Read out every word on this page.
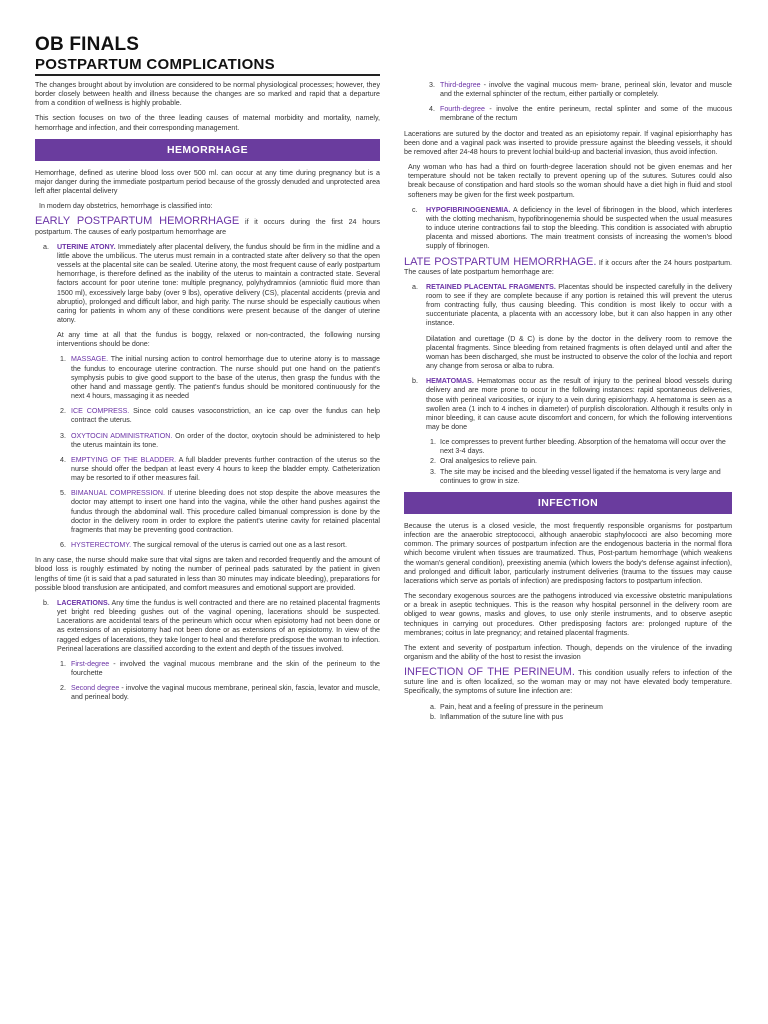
OB FINALS
POSTPARTUM COMPLICATIONS

The changes brought about by involution are considered to be normal physiological processes; however, they border closely between health and illness because the changes are so marked and rapid that a departure from a condition of wellness is highly probable.

This section focuses on two of the three leading causes of maternal morbidity and mortality, namely, hemorrhage and infection, and their corresponding management.

HEMORRHAGE

Hemorrhage, defined as uterine blood loss over 500 ml. can occur at any time during pregnancy but is a major danger during the immediate postpartum period because of the grossly denuded and unprotected area left after placental delivery

In modern day obstetrics, hemorrhage is classified into:

EARLY POSTPARTUM HEMORRHAGE if it occurs during the first 24 hours postpartum. The causes of early postpartum hemorrhage are

a. UTERINE ATONY. Immediately after placental delivery, the fundus should be firm in the midline and a little above the umbilicus. The uterus must remain in a contracted state after delivery so that the open vessels at the placental site can be sealed. Uterine atony, the most frequent cause of early postpartum hemorrhage, is therefore defined as the inability of the uterus to maintain a contracted state. Several factors account for poor uterine tone: multiple pregnancy, polyhydramnios (amniotic fluid more than 1500 ml), excessively large baby (over 9 lbs), operative delivery (CS), placental accidents (previa and abruptio), prolonged and difficult labor, and high parity. The nurse should be especially cautious when caring for patients in whom any of these conditions were present because of the danger of uterine atony.
At any time at all that the fundus is boggy, relaxed or non-contracted, the following nursing interventions should be done:
1. MASSAGE. The initial nursing action to control hemorrhage due to uterine atony is to massage the fundus to encourage uterine contraction. The nurse should put one hand on the patient's symphysis pubis to give good support to the base of the uterus, then grasp the fundus with the other hand and massage gently. The patient's fundus should be monitored continuously for the next 4 hours, massaging it as needed
2. ICE COMPRESS. Since cold causes vasoconstriction, an ice cap over the fundus can help contract the uterus.
3. OXYTOCIN ADMINISTRATION. On order of the doctor, oxytocin should be administered to help the uterus maintain its tone.
4. EMPTYING OF THE BLADDER. A full bladder prevents further contraction of the uterus so the nurse should offer the bedpan at least every 4 hours to keep the bladder empty. Catheterization may be resorted to if other measures fail.
5. BIMANUAL COMPRESSION. If uterine bleeding does not stop despite the above measures the doctor may attempt to insert one hand into the vagina, while the other hand pushes against the fundus through the abdominal wall. This procedure called bimanual compression is done by the doctor in the delivery room in order to explore the patient's uterine cavity for retained placental fragments that may be preventing good contraction.
6. HYSTERECTOMY. The surgical removal of the uterus is carried out one as a last resort.

In any case, the nurse should make sure that vital signs are taken and recorded frequently and the amount of blood loss is roughly estimated by noting the number of perineal pads saturated by the patient in given lengths of time (it is said that a pad saturated in less than 30 minutes may indicate bleeding), preparations for possible blood transfusion are anticipated, and comfort measures and emotional support are provided.

b. LACERATIONS. Any time the fundus is well contracted and there are no retained placental fragments yet bright red bleeding gushes out of the vaginal opening, lacerations should be suspected. Lacerations are accidental tears of the perineum which occur when episiotomy had not been done or as extensions of an episiotomy had not been done or as extensions of an episiotomy. In view of the ragged edges of lacerations, they take longer to heal and therefore predispose the woman to infection. Perineal lacerations are classified according to the extent and depth of the tissues involved.
1. First-degree - involved the vaginal mucous membrane and the skin of the perineum to the fourchette
2. Second degree - involve the vaginal mucous membrane, perineal skin, fascia, levator and muscle, and perineal body.
3. Third-degree - involve the vaginal mucous mem- brane, perineal skin, levator and muscle and the external sphincter of the rectum, either partially or completely.
4. Fourth-degree - involve the entire perineum, rectal splinter and some of the mucous membrane of the rectum

Lacerations are sutured by the doctor and treated as an episiotomy repair. If vaginal episiorrhaphy has been done and a vaginal pack was inserted to provide pressure against the bleeding vessels, it should be removed after 24-48 hours to prevent lochial build-up and bacterial invasion, thus avoid infection.

Any woman who has had a third on fourth-degree laceration should not be given enemas and her temperature should not be taken rectally to prevent opening up of the sutures. Sutures could also break because of constipation and hard stools so the woman should have a diet high in fluid and stool softeners may be given for the first week postpartum.

c. HYPOFIBRINOGENEMIA. A deficiency in the level of fibrinogen in the blood, which interferes with the clotting mechanism, hypofibrinogenemia should be suspected when the usual measures to induce uterine contractions fail to stop the bleeding. This condition is associated with abruptio placenta and missed abortions. The main treatment consists of increasing the women's blood supply of fibrinogen.

LATE POSTPARTUM HEMORRHAGE. If it occurs after the 24 hours postpartum. The causes of late postpartum hemorrhage are:

a. RETAINED PLACENTAL FRAGMENTS. Placentas should be inspected carefully in the delivery room to see if they are complete because if any portion is retained this will prevent the uterus from contracting fully, thus causing bleeding. This condition is most likely to occur with a succenturiate placenta, a placenta with an accessory lobe, but it can also happen in any other instance.
Dilatation and curettage (D & C) is done by the doctor in the delivery room to remove the placental fragments. Since bleeding from retained fragments is often delayed until and after the woman has been discharged, she must be instructed to observe the color of the lochia and report any change from serosa or alba to rubra.
b. HEMATOMAS. Hematomas occur as the result of injury to the perineal blood vessels during delivery and are more prone to occur in the following instances: rapid spontaneous deliveries, those with perineal varicosities, or injury to a vein during episiorrhapy. A hematoma is seen as a swollen area (1 inch to 4 inches in diameter) of purplish discoloration. Although it results only in minor bleeding, it can cause acute discomfort and concern, for which the following interventions may be done
1. Ice compresses to prevent further bleeding. Absorption of the hematoma will occur over the next 3-4 days.
2. Oral analgesics to relieve pain.
3. The site may be incised and the bleeding vessel ligated if the hematoma is very large and continues to grow in size.
INFECTION

Because the uterus is a closed vesicle, the most frequently responsible organisms for postpartum infection are the anaerobic streptococci, although anaerobic staphylococci are also becoming more common. The primary sources of postpartum infection are the endogenous bacteria in the normal flora which become virulent when tissues are traumatized. Thus, Post-partum hemorrhage (which weakens the woman's general condition), preexisting anemia (which lowers the body's defense against infection), and prolonged and difficult labor, particularly instrument deliveries (trauma to the tissues may cause lacerations which serve as portals of infection) are predisposing factors to postpartum infection.

The secondary exogenous sources are the pathogens introduced via excessive obstetric manipulations or a break in aseptic techniques. This is the reason why hospital personnel in the delivery room are obliged to wear gowns, masks and gloves, to use only sterile instruments, and to observe aseptic techniques in carrying out procedures. Other predisposing factors are: prolonged rupture of the membranes; coitus in late pregnancy; and retained placental fragments.

The extent and severity of postpartum infection. Though, depends on the virulence of the invading organism and the ability of the host to resist the invasion

INFECTION OF THE PERINEUM. This condition usually refers to infection of the suture line and is often localized, so the woman may or may not have elevated body temperature. Specifically, the symptoms of suture line infection are:

a. Pain, heat and a feeling of pressure in the perineum
b. Inflammation of the suture line with pus
